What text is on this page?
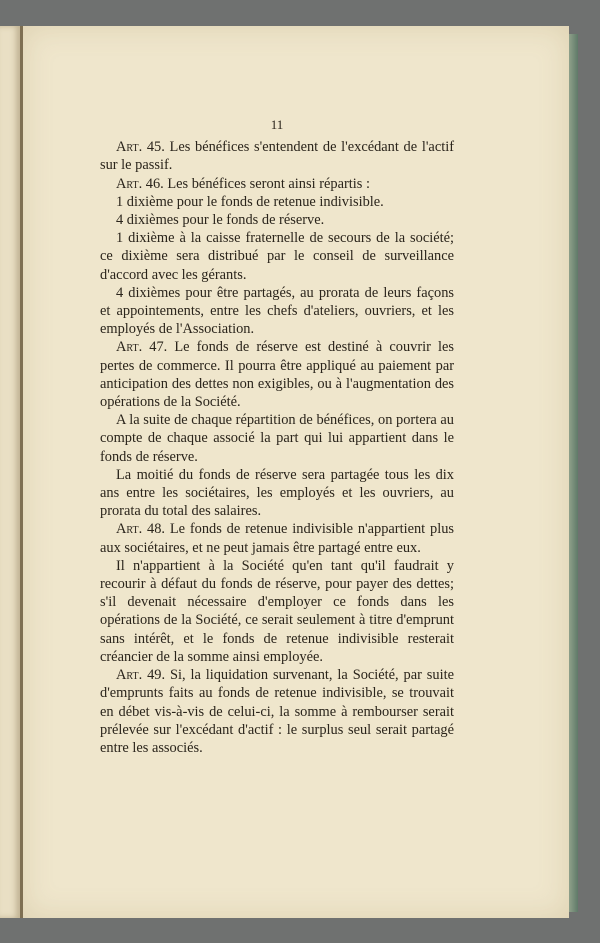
11

Art. 45. Les bénéfices s'entendent de l'excédant de l'actif sur le passif.

Art. 46. Les bénéfices seront ainsi répartis :

1 dixième pour le fonds de retenue indivisible.

4 dixièmes pour le fonds de réserve.

1 dixième à la caisse fraternelle de secours de la société; ce dixième sera distribué par le conseil de surveillance d'accord avec les gérants.

4 dixièmes pour être partagés, au prorata de leurs façons et appointements, entre les chefs d'ateliers, ouvriers, et les employés de l'Association.

Art. 47. Le fonds de réserve est destiné à couvrir les pertes de commerce. Il pourra être appliqué au paiement par anticipation des dettes non exigibles, ou à l'augmentation des opérations de la Société.

A la suite de chaque répartition de bénéfices, on portera au compte de chaque associé la part qui lui appartient dans le fonds de réserve.

La moitié du fonds de réserve sera partagée tous les dix ans entre les sociétaires, les employés et les ouvriers, au prorata du total des salaires.

Art. 48. Le fonds de retenue indivisible n'appartient plus aux sociétaires, et ne peut jamais être partagé entre eux.

Il n'appartient à la Société qu'en tant qu'il faudrait y recourir à défaut du fonds de réserve, pour payer des dettes; s'il devenait nécessaire d'employer ce fonds dans les opérations de la Société, ce serait seulement à titre d'emprunt sans intérêt, et le fonds de retenue indivisible resterait créancier de la somme ainsi employée.

Art. 49. Si, la liquidation survenant, la Société, par suite d'emprunts faits au fonds de retenue indivisible, se trouvait en débet vis-à-vis de celui-ci, la somme à rembourser serait prélevée sur l'excédant d'actif : le surplus seul serait partagé entre les associés.
